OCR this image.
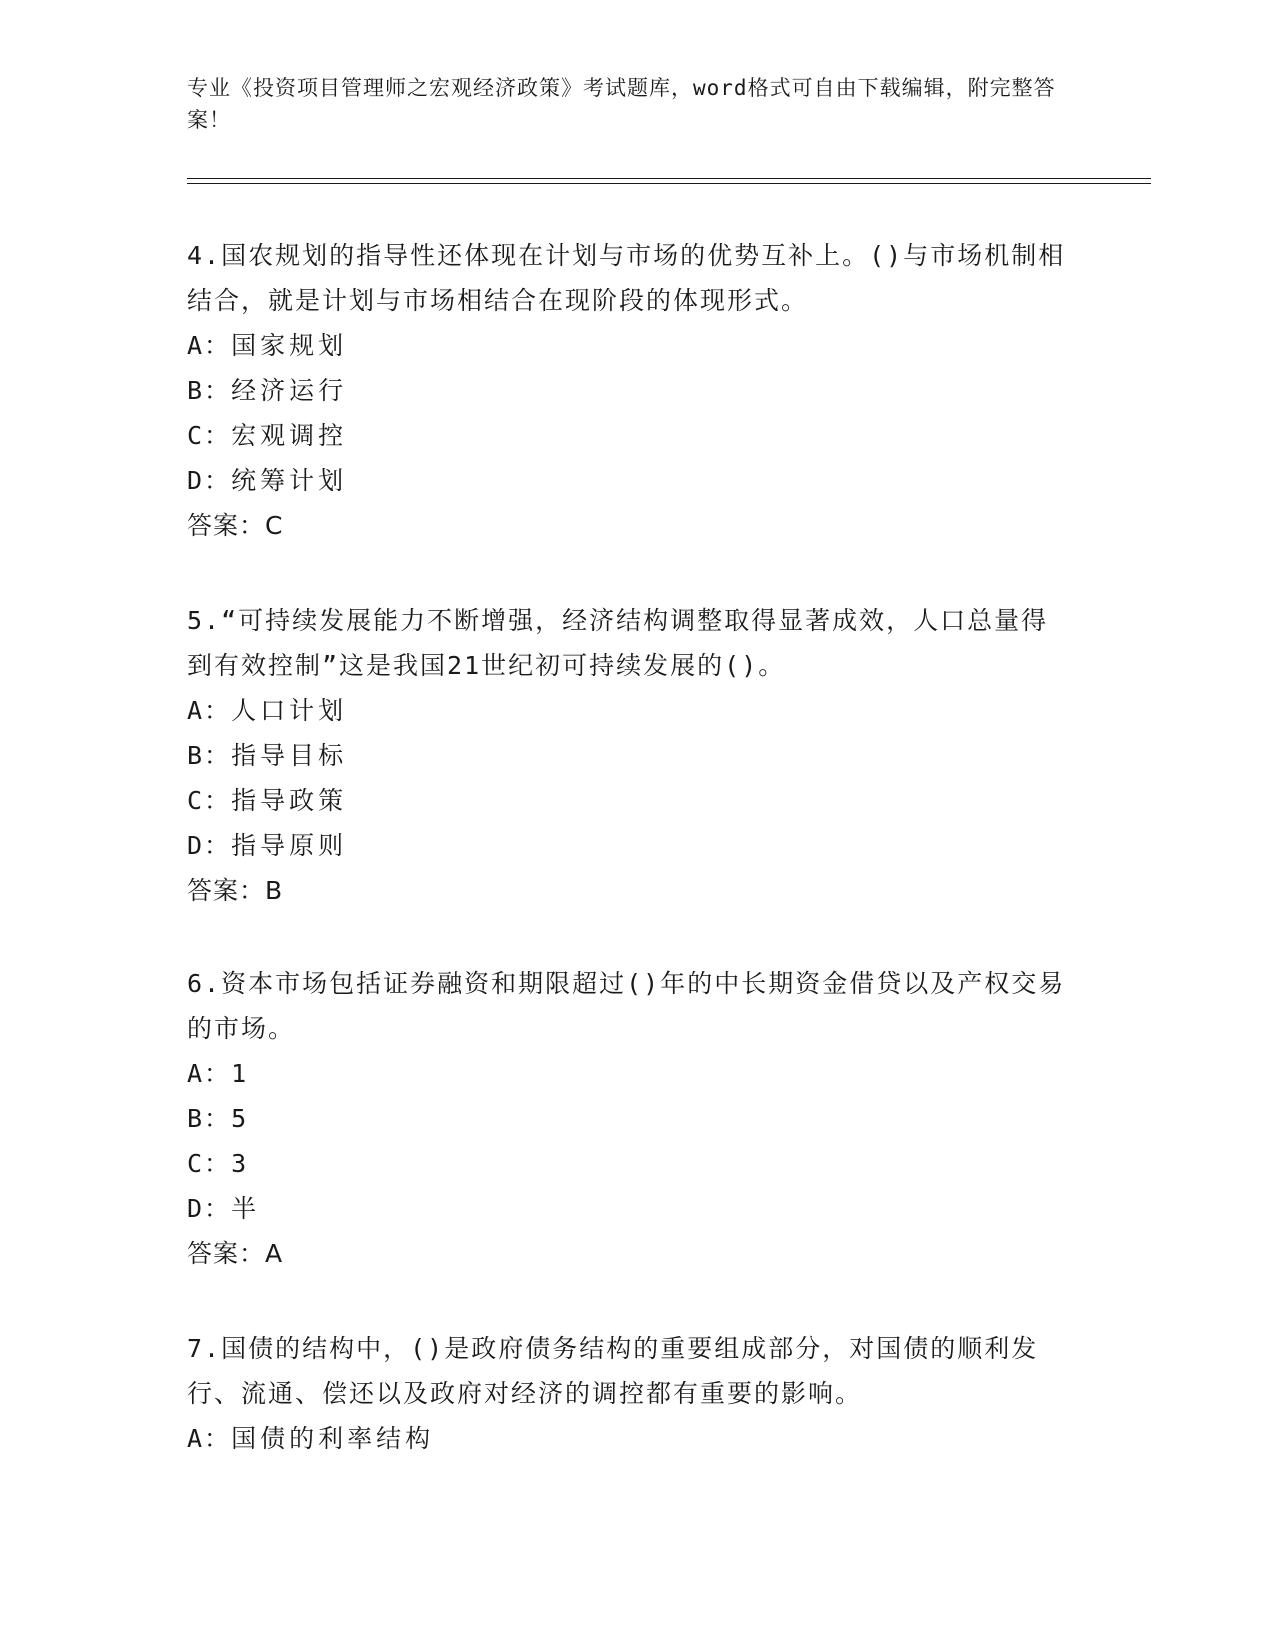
专业《投资项目管理师之宏观经济政策》考试题库，word格式可自由下载编辑，附完整答案！

4.国农规划的指导性还体现在计划与市场的优势互补上。()与市场机制相结合，就是计划与市场相结合在现阶段的体现形式。

A：国家规划

B：经济运行

C：宏观调控

D：统筹计划

答案：C

5.“可持续发展能力不断增强，经济结构调整取得显著成效，人口总量得到有效控制”这是我国21世纪初可持续发展的()。

A：人口计划

B：指导目标

C：指导政策

D：指导原则

答案：B

6.资本市场包括证券融资和期限超过()年的中长期资金借贷以及产权交易的市场。

A：1

B：5

C：3

D：半

答案：A

7.国债的结构中，()是政府债务结构的重要组成部分，对国债的顺利发行、流通、偿还以及政府对经济的调控都有重要的影响。

A：国债的利率结构
